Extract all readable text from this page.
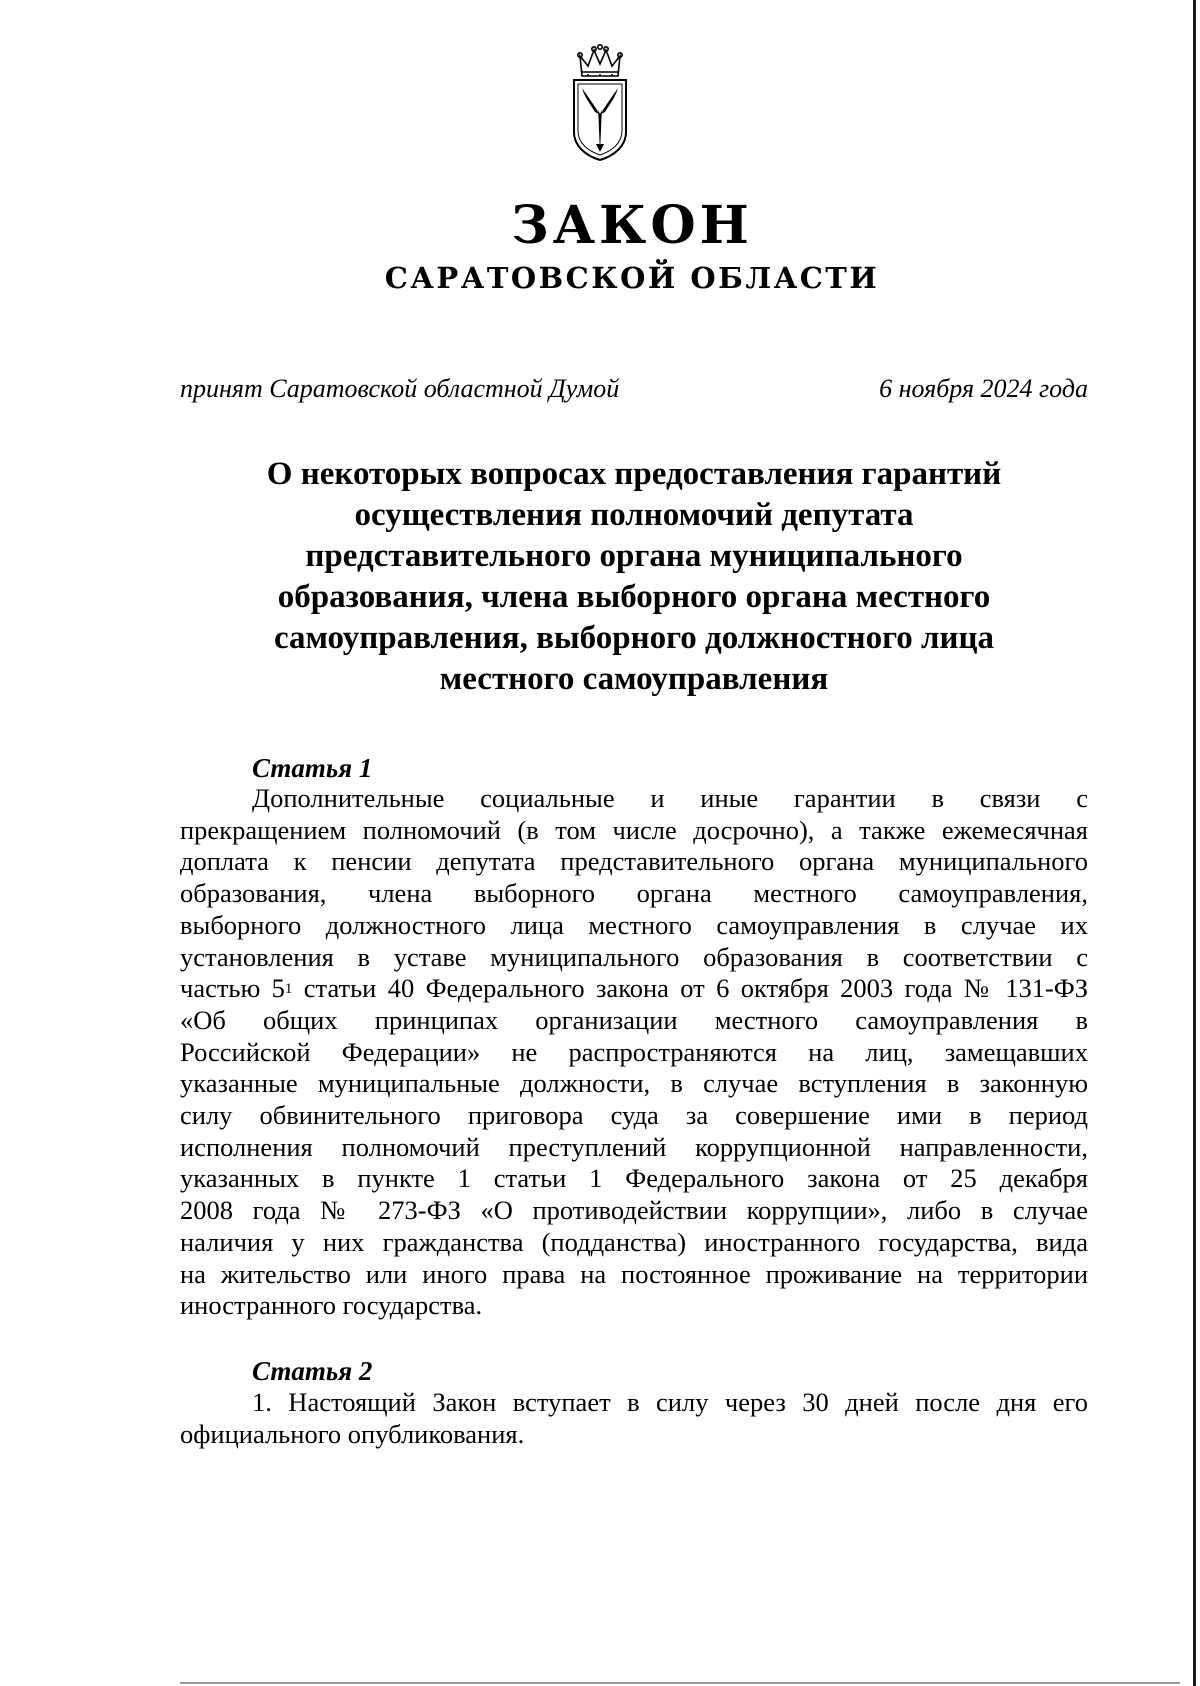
ЗАКОН
САРАТОВСКОЙ ОБЛАСТИ
принят Саратовской областной Думой	6 ноября 2024 года
О некоторых вопросах предоставления гарантий
осуществления полномочий депутата
представительного органа муниципального
образования, члена выборного органа местного
самоуправления, выборного должностного лица
местного самоуправления
Статья 1
Дополнительные социальные и иные гарантии в связи с
прекращением полномочий (в том числе досрочно), а также ежемесячная
доплата к пенсии депутата представительного органа муниципального
образования, члена выборного органа местного самоуправления,
выборного должностного лица местного самоуправления в случае их
установления в уставе муниципального образования в соответствии с
частью $5^1$ статьи 40 Федерального закона от 6 октября 2003 года № 131-ФЗ
«Об общих принципах организации местного самоуправления в
Российской Федерации» не распространяются на лиц, замещавших
указанные муниципальные должности, в случае вступления в законную
силу обвинительного приговора суда за совершение ими в период
исполнения полномочий преступлений коррупционной направленности,
указанных в пункте 1 статьи 1 Федерального закона от 25 декабря
2008 года № 273-ФЗ «О противодействии коррупции», либо в случае
наличия у них гражданства (подданства) иностранного государства, вида
на жительство или иного права на постоянное проживание на территории
иностранного государства.
Статья 2
1. Настоящий Закон вступает в силу через 30 дней после дня его
официального опубликования.
